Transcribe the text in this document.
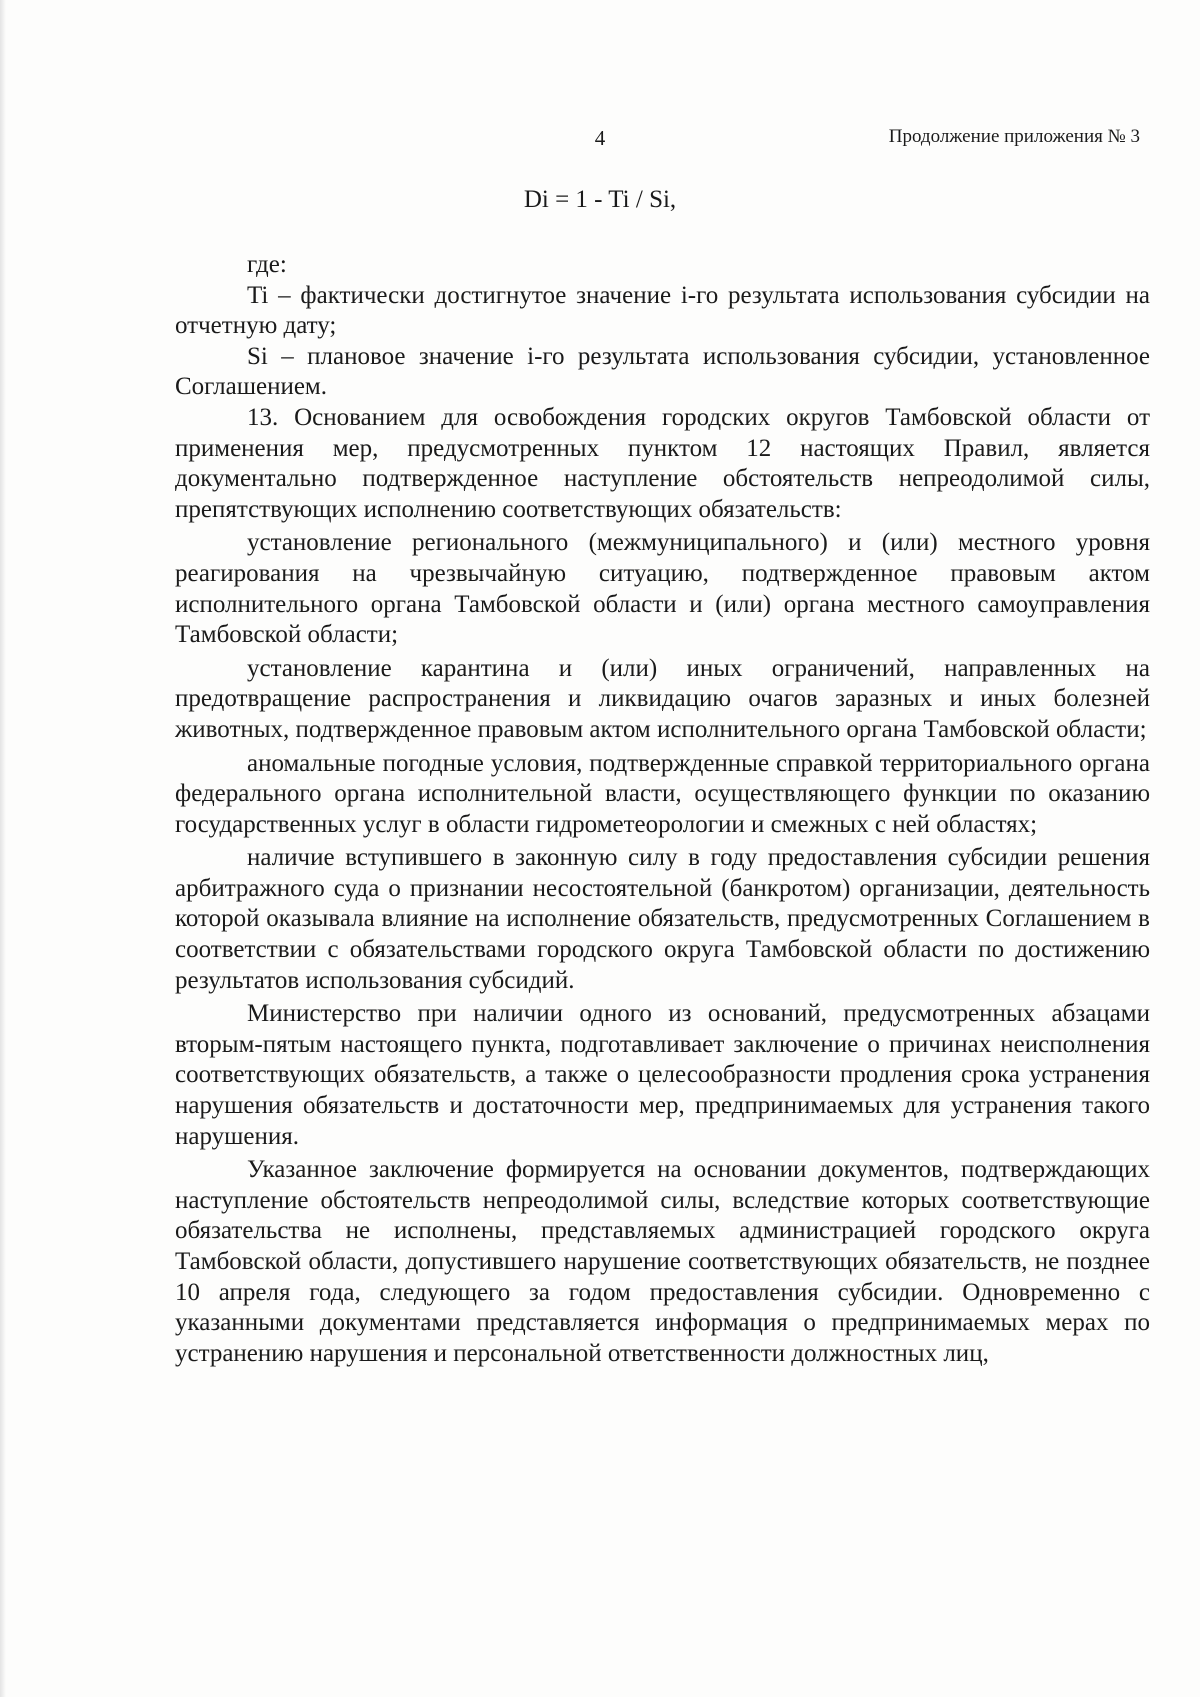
4	Продолжение приложения № 3
Di = 1 - Ti / Si,

где:

Ti – фактически достигнутое значение i-го результата использования субсидии на отчетную дату;

Si – плановое значение i-го результата использования субсидии, установленное Соглашением.

13. Основанием для освобождения городских округов Тамбовской области от применения мер, предусмотренных пунктом 12 настоящих Правил, является документально подтвержденное наступление обстоятельств непреодолимой силы, препятствующих исполнению соответствующих обязательств:

установление регионального (межмуниципального) и (или) местного уровня реагирования на чрезвычайную ситуацию, подтвержденное правовым актом исполнительного органа Тамбовской области и (или) органа местного самоуправления Тамбовской области;

установление карантина и (или) иных ограничений, направленных на предотвращение распространения и ликвидацию очагов заразных и иных болезней животных, подтвержденное правовым актом исполнительного органа Тамбовской области;

аномальные погодные условия, подтвержденные справкой территориального органа федерального органа исполнительной власти, осуществляющего функции по оказанию государственных услуг в области гидрометеорологии и смежных с ней областях;

наличие вступившего в законную силу в году предоставления субсидии решения арбитражного суда о признании несостоятельной (банкротом) организации, деятельность которой оказывала влияние на исполнение обязательств, предусмотренных Соглашением в соответствии с обязательствами городского округа Тамбовской области по достижению результатов использования субсидий.

Министерство при наличии одного из оснований, предусмотренных абзацами вторым-пятым настоящего пункта, подготавливает заключение о причинах неисполнения соответствующих обязательств, а также о целесообразности продления срока устранения нарушения обязательств и достаточности мер, предпринимаемых для устранения такого нарушения.

Указанное заключение формируется на основании документов, подтверждающих наступление обстоятельств непреодолимой силы, вследствие которых соответствующие обязательства не исполнены, представляемых администрацией городского округа Тамбовской области, допустившего нарушение соответствующих обязательств, не позднее 10 апреля года, следующего за годом предоставления субсидии. Одновременно с указанными документами представляется информация о предпринимаемых мерах по устранению нарушения и персональной ответственности должностных лиц,
